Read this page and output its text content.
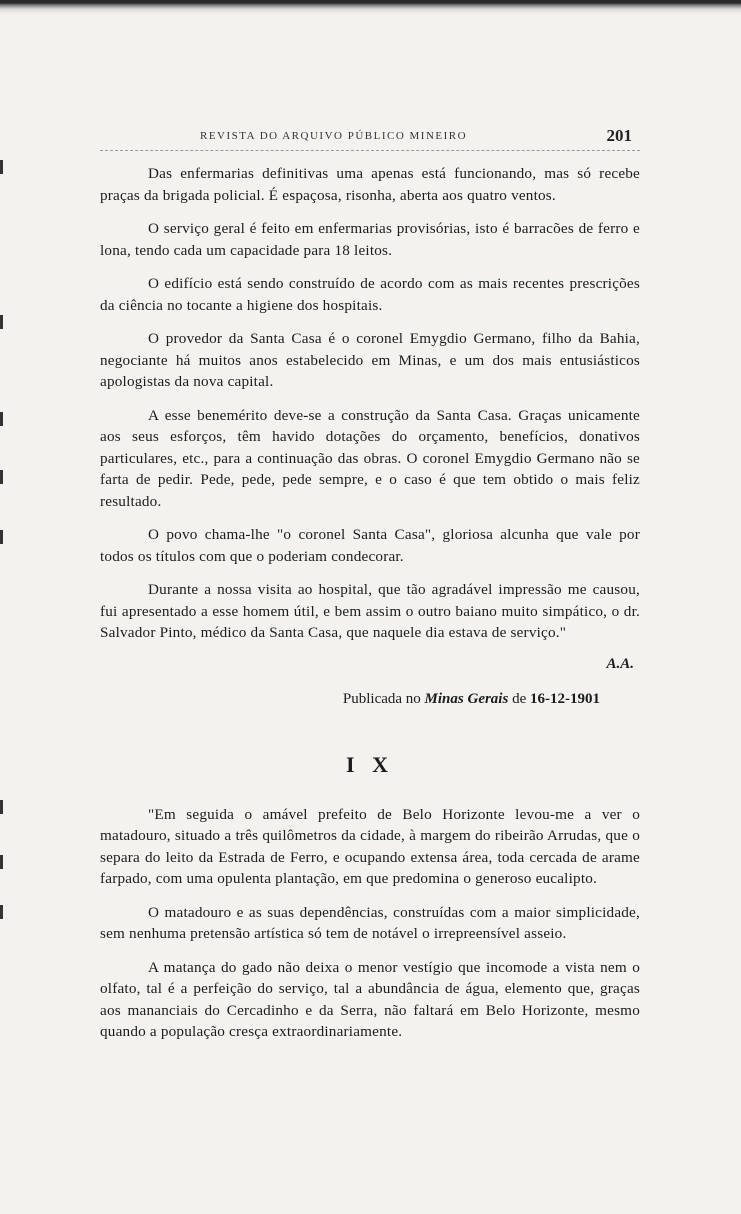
REVISTA DO ARQUIVO PÚBLICO MINEIRO	201

Das enfermarias definitivas uma apenas está funcionando, mas só recebe praças da brigada policial. É espaçosa, risonha, aberta aos quatro ventos.

O serviço geral é feito em enfermarias provisórias, isto é barracões de ferro e lona, tendo cada um capacidade para 18 leitos.

O edifício está sendo construído de acordo com as mais recentes prescrições da ciência no tocante a higiene dos hospitais.

O provedor da Santa Casa é o coronel Emygdio Germano, filho da Bahia, negociante há muitos anos estabelecido em Minas, e um dos mais entusiásticos apologistas da nova capital.

A esse benemérito deve-se a construção da Santa Casa. Graças unicamente aos seus esforços, têm havido dotações do orçamento, benefícios, donativos particulares, etc., para a continuação das obras. O coronel Emygdio Germano não se farta de pedir. Pede, pede, pede sempre, e o caso é que tem obtido o mais feliz resultado.

O povo chama-lhe "o coronel Santa Casa", gloriosa alcunha que vale por todos os títulos com que o poderiam condecorar.

Durante a nossa visita ao hospital, que tão agradável impressão me causou, fui apresentado a esse homem útil, e bem assim o outro baiano muito simpático, o dr. Salvador Pinto, médico da Santa Casa, que naquele dia estava de serviço."

A.A.
Publicada no Minas Gerais de 16-12-1901
I X

"Em seguida o amável prefeito de Belo Horizonte levou-me a ver o matadouro, situado a três quilômetros da cidade, à margem do ribeirão Arrudas, que o separa do leito da Estrada de Ferro, e ocupando extensa área, toda cercada de arame farpado, com uma opulenta plantação, em que predomina o generoso eucalipto.

O matadouro e as suas dependências, construídas com a maior simplicidade, sem nenhuma pretensão artística só tem de notável o irrepreensível asseio.

A matança do gado não deixa o menor vestígio que incomode a vista nem o olfato, tal é a perfeição do serviço, tal a abundância de água, elemento que, graças aos mananciais do Cercadinho e da Serra, não faltará em Belo Horizonte, mesmo quando a população cresça extraordinariamente.
